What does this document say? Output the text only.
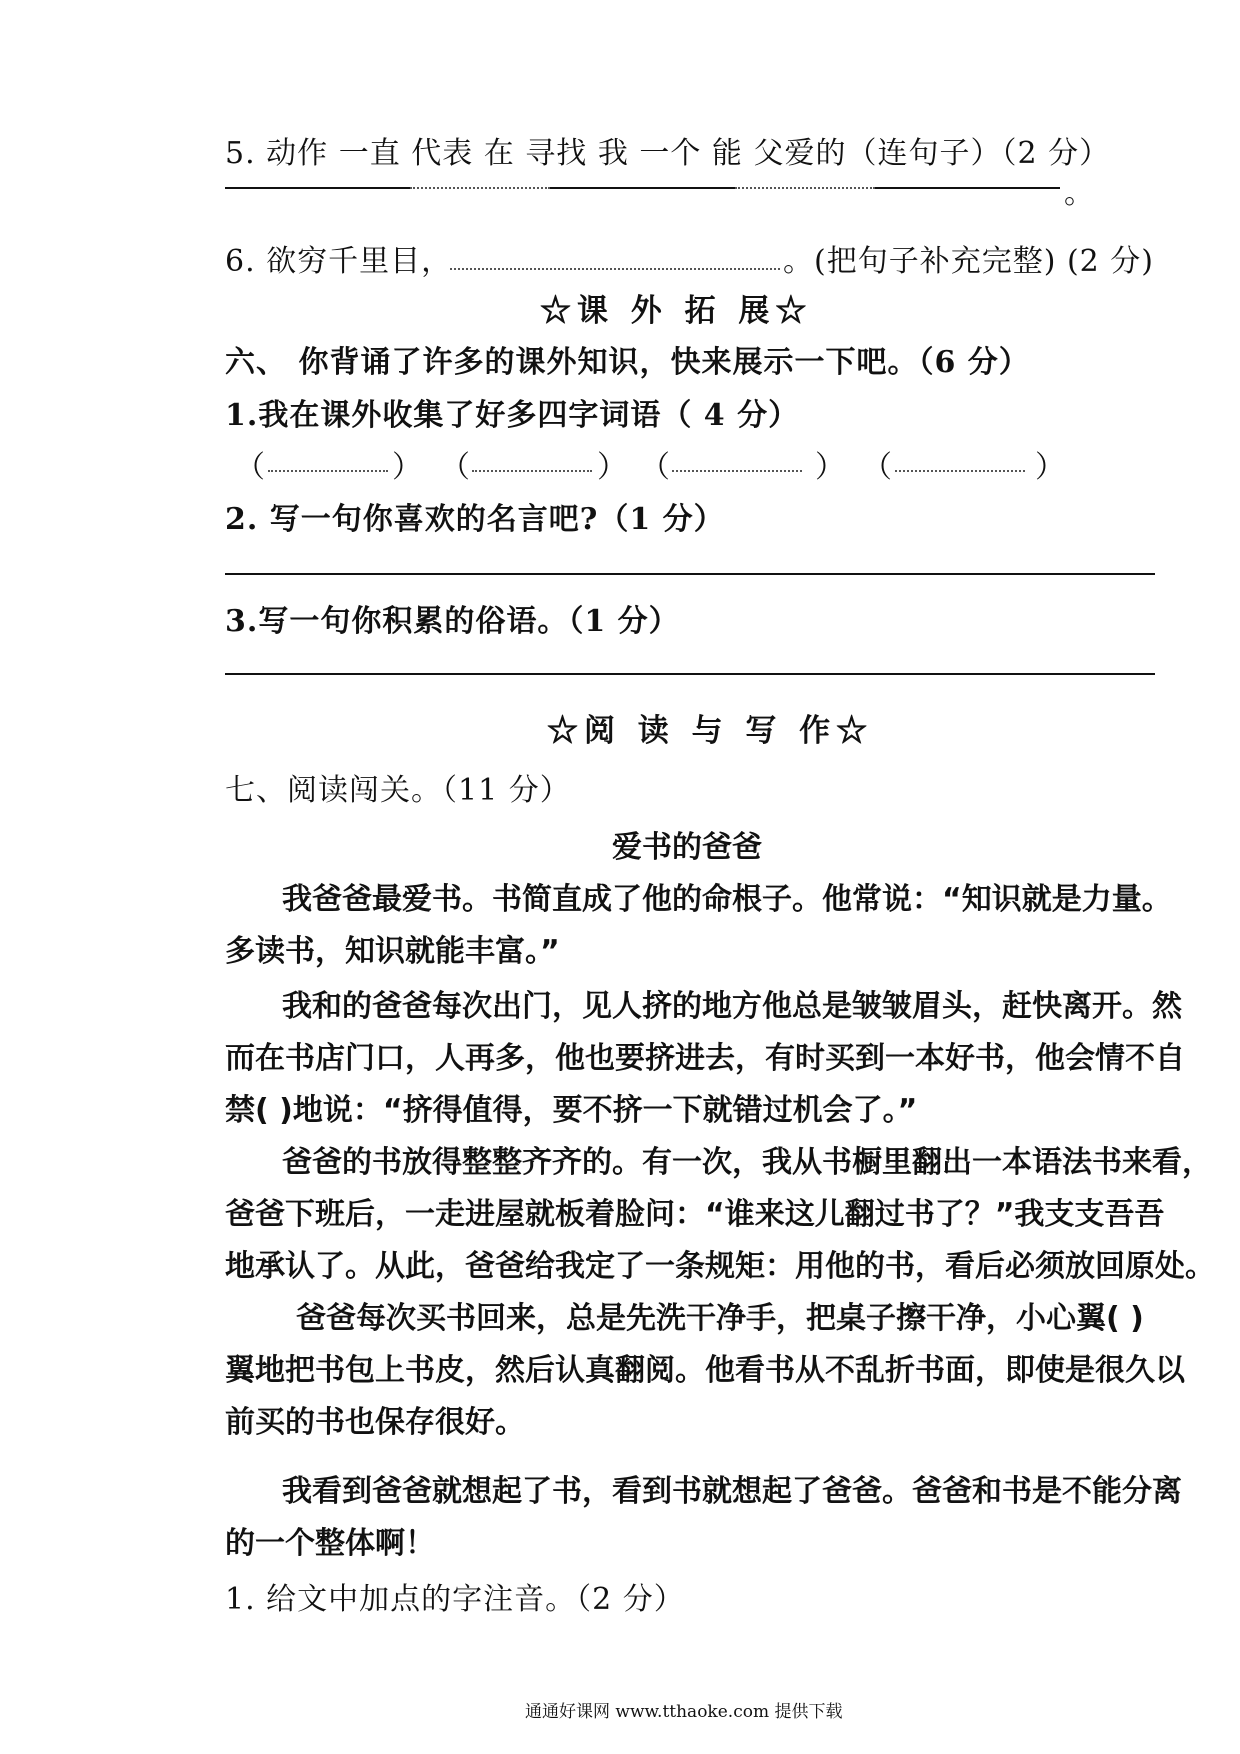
5. 动作 一直 代表 在 寻找 我 一个 能 父爱的（连句子）（2 分）
。
6. 欲穷千里目，	。(把句子补充完整) (2 分)
☆课 外 拓 展☆
六、 你背诵了许多的课外知识，快来展示一下吧。（6 分）
1.我在课外收集了好多四字词语（ 4 分）
（	） （	） （	） （	）
2. 写一句你喜欢的名言吧?（1 分）
3.写一句你积累的俗语。（1 分）
☆阅 读 与 写 作☆
七、阅读闯关。（11 分）
爱书的爸爸
我爸爸最爱书。书简直成了他的命根子。他常说：“知识就是力量。
多读书，知识就能丰富。”
我和的爸爸每次出门，见人挤的地方他总是皱皱眉头，赶快离开。然
而在书店门口，人再多，他也要挤进去，有时买到一本好书，他会情不自
禁( )地说：“挤得值得，要不挤一下就错过机会了。”
爸爸的书放得整整齐齐的。有一次，我从书橱里翻出一本语法书来看，
爸爸下班后，一走进屋就板着脸问：“谁来这儿翻过书了？”我支支吾吾
地承认了。从此，爸爸给我定了一条规矩：用他的书，看后必须放回原处。
爸爸每次买书回来，总是先洗干净手，把桌子擦干净，小心翼( )
翼地把书包上书皮，然后认真翻阅。他看书从不乱折书面，即使是很久以
前买的书也保存很好。
我看到爸爸就想起了书，看到书就想起了爸爸。爸爸和书是不能分离
的一个整体啊！
1. 给文中加点的字注音。（2 分）
通通好课网 www.tthaoke.com 提供下载
